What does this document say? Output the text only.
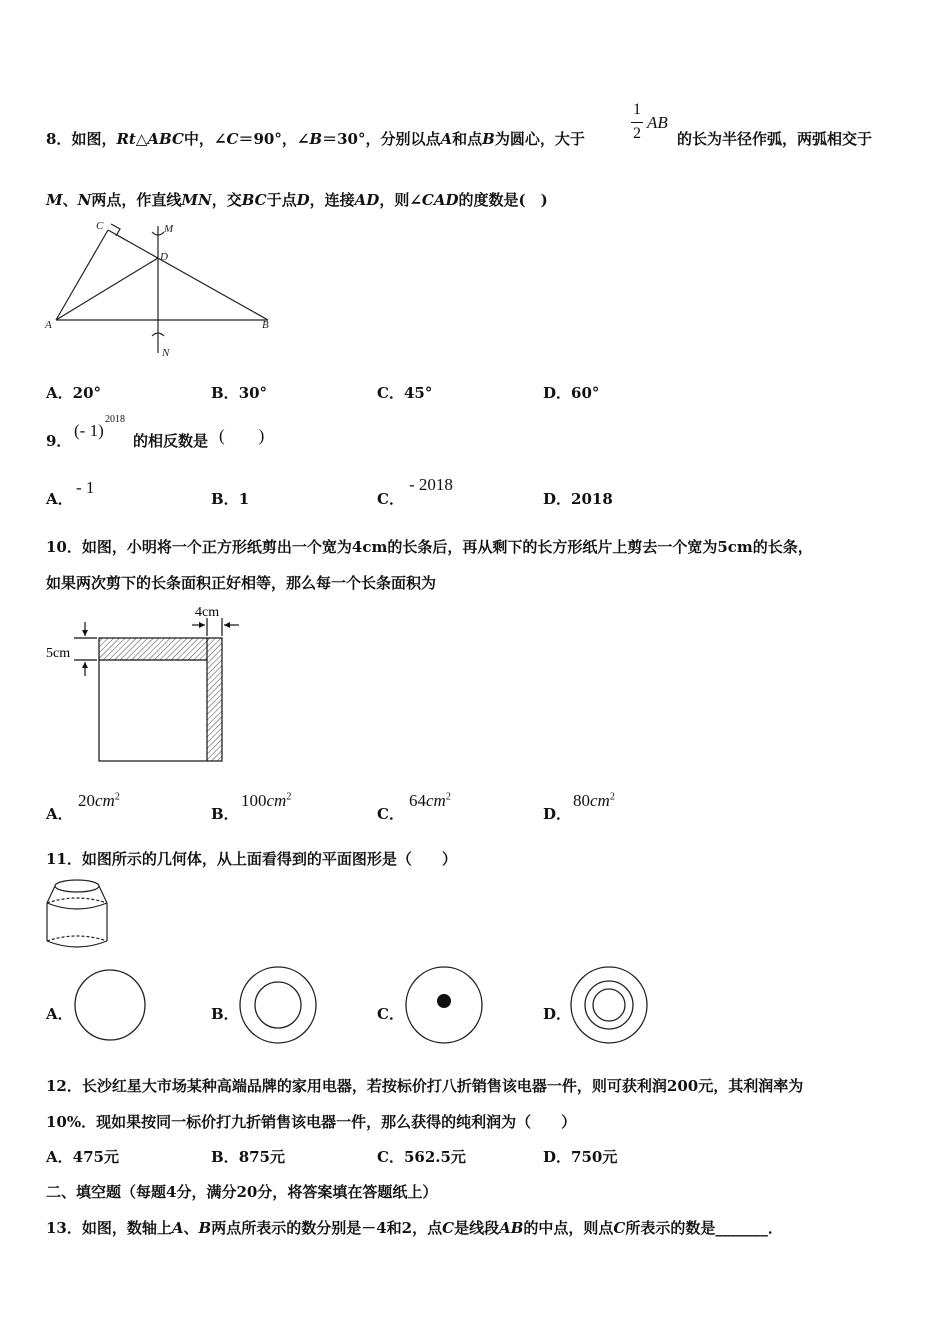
8．如图，Rt△ABC中，∠C＝90°，∠B＝30°，分别以点A和点B为圆心，大于
1
2
AB
的长为半径作弧，两弧相交于
M、N两点，作直线MN，交BC于点D，连接AD，则∠CAD的度数是(　)
C	M
D
A	B
N
A．20°	B．30°	C．45°	D．60°
9．
(- 1)
2018
的相反数是 (　　)
A．
- 1
B．1	C．
- 2018
D．2018
10．如图，小明将一个正方形纸剪出一个宽为4cm的长条后，再从剩下的长方形纸片上剪去一个宽为5cm的长条，
如果两次剪下的长条面积正好相等，那么每一个长条面积为
4cm
5cm
A．
$20cm^2$
B．
$100cm^2$
C．
$64cm^2$
D．
$80cm^2$
11．如图所示的几何体，从上面看得到的平面图形是（　　）
A．	B．	C．	D．
12．长沙红星大市场某种高端品牌的家用电器，若按标价打八折销售该电器一件，则可获利润200元，其利润率为
10%．现如果按同一标价打九折销售该电器一件，那么获得的纯利润为（　　）
A．475元	B．875元	C．562.5元	D．750元
二、填空题（每题4分，满分20分，将答案填在答题纸上）
13．如图，数轴上A、B两点所表示的数分别是－4和2，点C是线段AB的中点，则点C所表示的数是_______．
